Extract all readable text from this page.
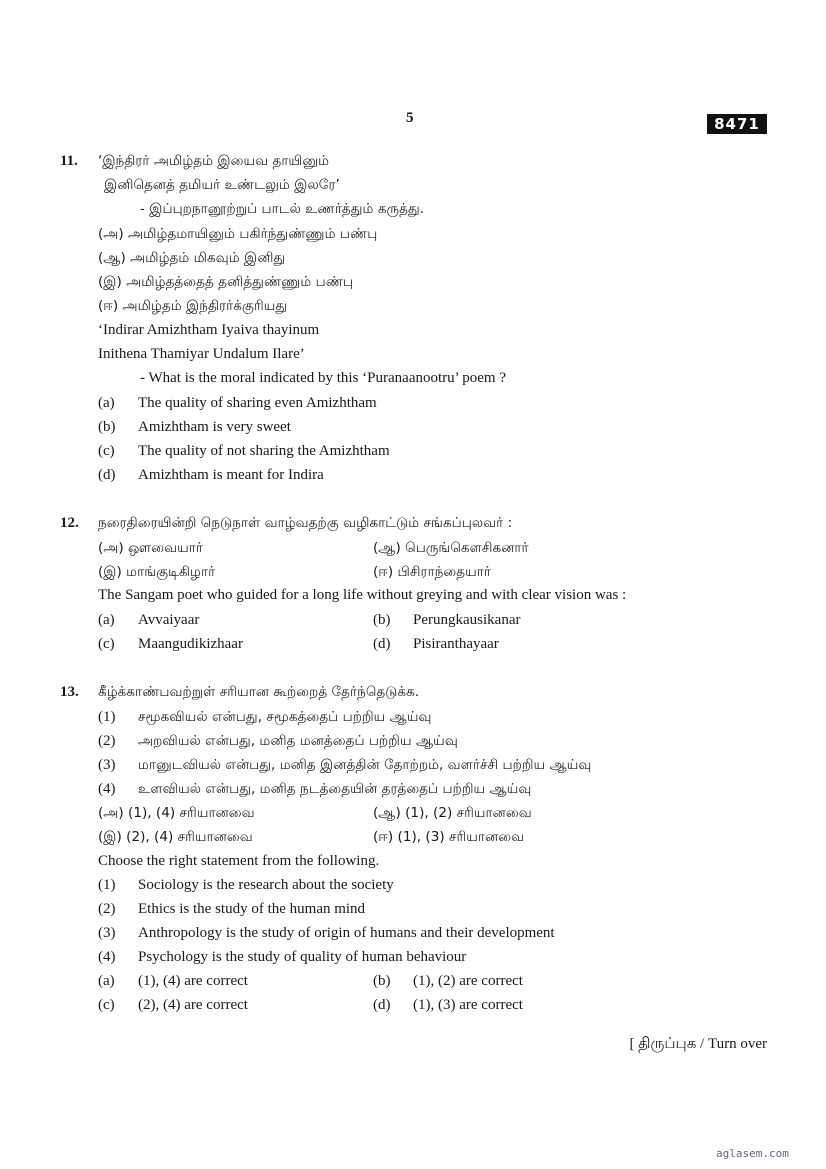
5	8471
11. ‘இந்திரர் அமிழ்தம் இயைவ தாயினும்
இனிதெனத் தமியர் உண்டலும் இலரே’
- இப்புறநானூற்றுப் பாடல் உணர்த்தும் கருத்து.
(அ) அமிழ்தமாயினும் பகிர்ந்துண்ணும் பண்பு
(ஆ) அமிழ்தம் மிகவும் இனிது
(இ) அமிழ்தத்தைத் தனித்துண்ணும் பண்பு
(ஈ) அமிழ்தம் இந்திரர்க்குரியது
‘Indirar Amizhtham Iyaiva thayinum
Inithena Thamiyar Undalum Ilare’
- What is the moral indicated by this ‘Puranaanootru’ poem ?
(a) The quality of sharing even Amizhtham
(b) Amizhtham is very sweet
(c) The quality of not sharing the Amizhtham
(d) Amizhtham is meant for Indira
12. நரைதிரையின்றி நெடுநாள் வாழ்வதற்கு வழிகாட்டும் சங்கப்புலவர் :
(அ) ஔவையார்	(ஆ) பெருங்கௌசிகனார்
(இ) மாங்குடிகிழார்	(ஈ) பிசிராந்தையார்
The Sangam poet who guided for a long life without greying and with clear vision was :
(a) Avvaiyaar	(b) Perungkausikanar
(c) Maangudikizhaar	(d) Pisiranthayaar
13. கீழ்க்காண்பவற்றுள் சரியான கூற்றைத் தேர்ந்தெடுக்க.
(1) சமூகவியல் என்பது, சமூகத்தைப் பற்றிய ஆய்வு
(2) அறவியல் என்பது, மனித மனத்தைப் பற்றிய ஆய்வு
(3) மானுடவியல் என்பது, மனித இனத்தின் தோற்றம், வளர்ச்சி பற்றிய ஆய்வு
(4) உளவியல் என்பது, மனித நடத்தையின் தரத்தைப் பற்றிய ஆய்வு
(அ) (1), (4) சரியானவை	(ஆ) (1), (2) சரியானவை
(இ) (2), (4) சரியானவை	(ஈ) (1), (3) சரியானவை
Choose the right statement from the following.
(1) Sociology is the research about the society
(2) Ethics is the study of the human mind
(3) Anthropology is the study of origin of humans and their development
(4) Psychology is the study of quality of human behaviour
(a) (1), (4) are correct	(b) (1), (2) are correct
(c) (2), (4) are correct	(d) (1), (3) are correct
[ திருப்புக / Turn over
aglasem.com
